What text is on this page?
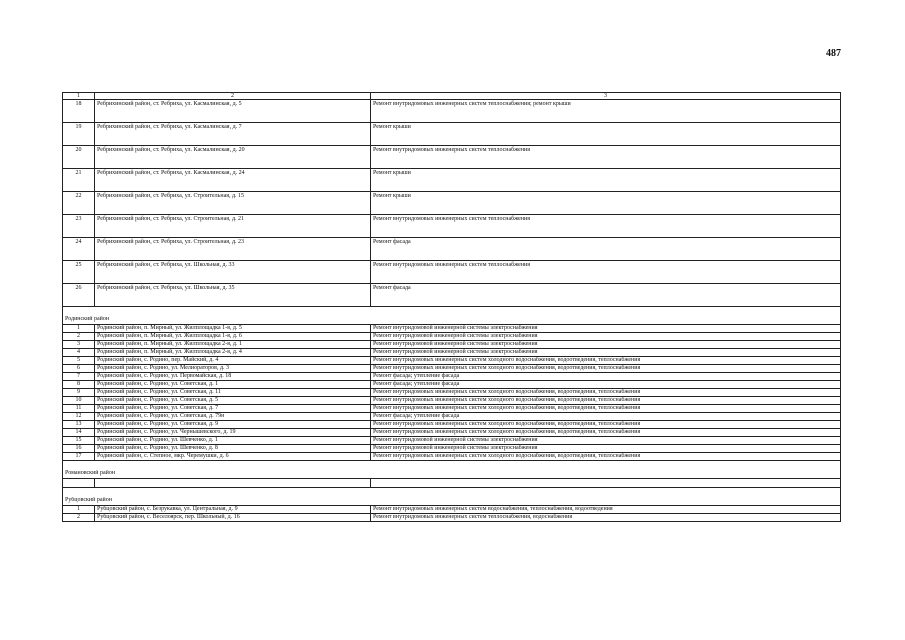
487
1	2	3
18	Ребрихинский район, ст. Ребриха, ул. Касмалинская, д. 5	Ремонт внутридомовых инженерных систем теплоснабжения; ремонт крыши
19	Ребрихинский район, ст. Ребриха, ул. Касмалинская, д. 7	Ремонт крыши
20	Ребрихинский район, ст. Ребриха, ул. Касмалинская, д. 20	Ремонт внутридомовых инженерных систем теплоснабжения
21	Ребрихинский район, ст. Ребриха, ул. Касмалинская, д. 24	Ремонт крыши
22	Ребрихинский район, ст. Ребриха, ул. Строительная, д. 15	Ремонт крыши
23	Ребрихинский район, ст. Ребриха, ул. Строительная, д. 21	Ремонт внутридомовых инженерных систем теплоснабжения
24	Ребрихинский район, ст. Ребриха, ул. Строительная, д. 23	Ремонт фасада
25	Ребрихинский район, ст. Ребриха, ул. Школьная, д. 33	Ремонт внутридомовых инженерных систем теплоснабжения
26	Ребрихинский район, ст. Ребриха, ул. Школьная, д. 35	Ремонт фасада

Родинский район		
1	Родинский район, п. Мирный, ул. Жилплощадка 1-я, д. 5	Ремонт внутридомовой инженерной системы электроснабжения
2	Родинский район, п. Мирный, ул. Жилплощадка 1-я, д. 6	Ремонт внутридомовой инженерной системы электроснабжения
3	Родинский район, п. Мирный, ул. Жилплощадка 2-я, д. 1	Ремонт внутридомовой инженерной системы электроснабжения
4	Родинский район, п. Мирный, ул. Жилплощадка 2-я, д. 4	Ремонт внутридомовой инженерной системы электроснабжения
5	Родинский район, с. Родино, пер. Майский, д. 4	Ремонт внутридомовых инженерных систем холодного водоснабжения, водоотведения, теплоснабжения
6	Родинский район, с. Родино, ул. Мелиораторов, д. 3	Ремонт внутридомовых инженерных систем холодного водоснабжения, водоотведения, теплоснабжения
7	Родинский район, с. Родино, ул. Первомайская, д. 18	Ремонт фасада; утепление фасада
8	Родинский район, с. Родино, ул. Советская, д. 1	Ремонт фасада; утепление фасада
9	Родинский район, с. Родино, ул. Советская, д. 11	Ремонт внутридомовых инженерных систем холодного водоснабжения, водоотведения, теплоснабжения
10	Родинский район, с. Родино, ул. Советская, д. 5	Ремонт внутридомовых инженерных систем холодного водоснабжения, водоотведения, теплоснабжения
11	Родинский район, с. Родино, ул. Советская, д. 7	Ремонт внутридомовых инженерных систем холодного водоснабжения, водоотведения, теплоснабжения
12	Родинский район, с. Родино, ул. Советская, д. 79н	Ремонт фасада; утепление фасада
13	Родинский район, с. Родино, ул. Советская, д. 9	Ремонт внутридомовых инженерных систем холодного водоснабжения, водоотведения, теплоснабжения
14	Родинский район, с. Родино, ул. Чернышевского, д. 19	Ремонт внутридомовых инженерных систем холодного водоснабжения, водоотведения, теплоснабжения
15	Родинский район, с. Родино, ул. Шевченко, д. 1	Ремонт внутридомовой инженерной системы электроснабжения
16	Родинский район, с. Родино, ул. Шевченко, д. 8	Ремонт внутридомовой инженерной системы электроснабжения
17	Родинский район, с. Степное, мкр. Черемушки, д. 6	Ремонт внутридомовых инженерных систем холодного водоснабжения, водоотведения, теплоснабжения

Романовский район		

Рубцовский район		
1	Рубцовский район, с. Безрукавка, ул. Центральная, д. 9	Ремонт внутридомовых инженерных систем водоснабжения, теплоснабжения, водоотведения
2	Рубцовский район, с. Веселоярск, пер. Школьный, д. 16	Ремонт внутридомовых инженерных систем теплоснабжения, водоснабжения
